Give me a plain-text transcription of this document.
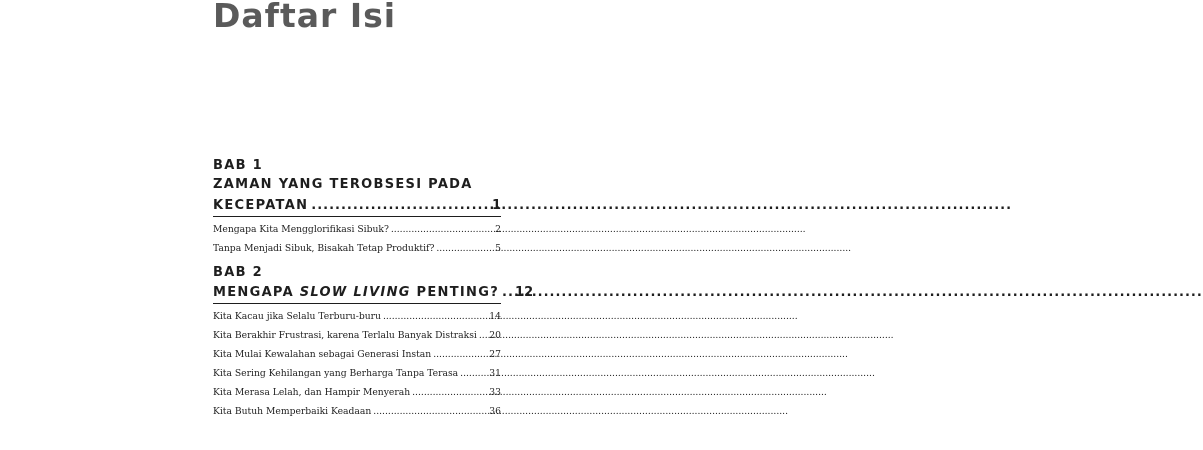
Daftar Isi
BAB 1
ZAMAN YANG TEROBSESI PADA
KECEPATAN .....	1
Mengapa Kita Mengglorifikasi Sibuk? .....	2
Tanpa Menjadi Sibuk, Bisakah Tetap Produktif? .....	5
BAB 2
MENGAPA SLOW LIVING PENTING? ..... 12
Kita Kacau jika Selalu Terburu-buru .....	14
Kita Berakhir Frustrasi, karena Terlalu Banyak Distraksi ..... 20
Kita Mulai Kewalahan sebagai Generasi Instan .....	27
Kita Sering Kehilangan yang Berharga Tanpa Terasa .....	31
Kita Merasa Lelah, dan Hampir Menyerah .....	33
Kita Butuh Memperbaiki Keadaan .....	36
